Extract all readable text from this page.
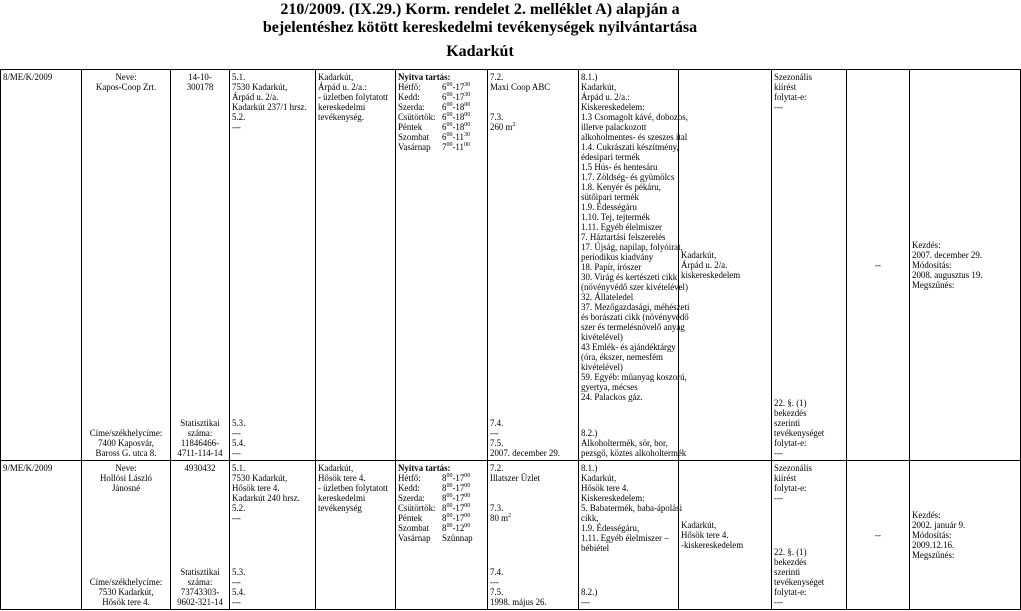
210/2009. (IX.29.) Korm. rendelet 2. melléklet A) alapján a
bejelentéshez kötött kereskedelmi tevékenységek nyilvántartása
Kadarkút
8/ME/K/2009	Neve:
Kapos-Coop Zrt.
Címe/székhelycíme:
7400 Kaposvár,
Baross G. utca 8.

14-10-
300178
Statisztikai
száma:
11846466-
4711-114-14

5.1.
7530 Kadarkút,
Árpád u. 2/a.
Kadarkút 237/1 hrsz.
5.2.
---
5.3.
---
5.4.
---

Kadarkút,
Árpád u. 2/a.:
- üzletben folytatott
kereskedelmi
tevékenység.

Nyitva tartás:
Hétfő:	$6^{00}-17^{30}$
Kedd:	$6^{00}-17^{30}$
Szerda:	$6^{00}-18^{00}$
Csütörtök: $6^{00}-18^{00}$
Péntek	$6^{00}-18^{00}$
Szombat	$6^{00}-11^{30}$
Vasárnap	$7^{00}-11^{00}$

7.2.
Maxi Coop ABC

7.3.
260 $m^2$
7.4.
---
7.5.
2007. december 29.

8.1.)
Kadarkút,
Árpád u. 2/a.:
Kiskereskedelem:
1.3 Csomagolt kávé, dobozos,
illetve palackozott
alkoholmentes- és szeszes ital
1.4. Cukrászati készítmény,
édesipari termék
1.5 Hús- és hentesáru
1.7. Zöldség- és gyümölcs
1.8. Kenyér és pékáru,
sütőipari termék
1.9. Édességáru
1.10. Tej, tejtermék
1.11. Egyéb élelmiszer
7. Háztartási felszerelés
17. Újság, napilap, folyóirat,
periodikus kiadvány
18. Papír, írószer
30. Virág és kertészeti cikk
(növényvédő szer kivételével)
32. Állateledel
37. Mezőgazdasági, méhészeti
és borászati cikk (növényvédő
szer és termelésnövelő anyag
kivételével)
43 Emlék- és ajándéktárgy
(óra, ékszer, nemesfém
kivételével)
59. Egyéb: műanyag koszorú,
gyertya, mécses
24. Palackos gáz.
8.2.)
Alkoholtermék, sör, bor,
pezsgő, köztes alkoholtermék

Kadarkút,
Árpád u. 2/a.
kiskereskedelem

Szezonális
kiírést
folytat-e:
---
22. §. (1)
bekezdés
szerinti
tevékenységet
folytat-e:
---

--

Kezdés:
2007. december 29.
Módosítás:
2008. augusztus 19.
Megszűnés:
9/ME/K/2009	Neve:
Hollósi László
Jánosné
Címe/székhelycíme:
7530 Kadarkút,
Hősök tere 4.

4930432
Statisztikai
száma:
73743303-
9602-321-14

5.1.
7530 Kadarkút,
Hősök tere 4.
Kadarkút 240 hrsz.
5.2.
---
5.3.
---
5.4.
---

Kadarkút,
Hősök tere 4.
- üzletben folytatott
kereskedelmi
tevékenység

Nyitva tartás:
Hétfő:	$8^{00}-17^{00}$
Kedd:	$8^{00}-17^{00}$
Szerda:	$8^{00}-17^{00}$
Csütörtök: $8^{00}-17^{00}$
Péntek	$8^{00}-17^{00}$
Szombat	$8^{00}-12^{00}$
Vasárnap	Szünnap

7.2.
Illatszer Üzlet

7.3.
80 $m^2$
7.4.
---
7.5.
1998. május 26.

8.1.)
Kadarkút,
Hősök tere 4.
Kiskereskedelem:
5. Babatermék, baba-ápolási
cikk,
1.9. Édességáru,
1.11. Egyéb élelmiszer –
bébiétel
8.2.)
---

Kadarkút,
Hősök tere 4.
-kiskereskedelem

Szezonális
kiírést
folytat-e:
---
22. §. (1)
bekezdés
szerinti
tevékenységet
folytat-e:
---

--

Kezdés:
2002. január 9.
Módosítás:
2009.12.16.
Megszűnés:
